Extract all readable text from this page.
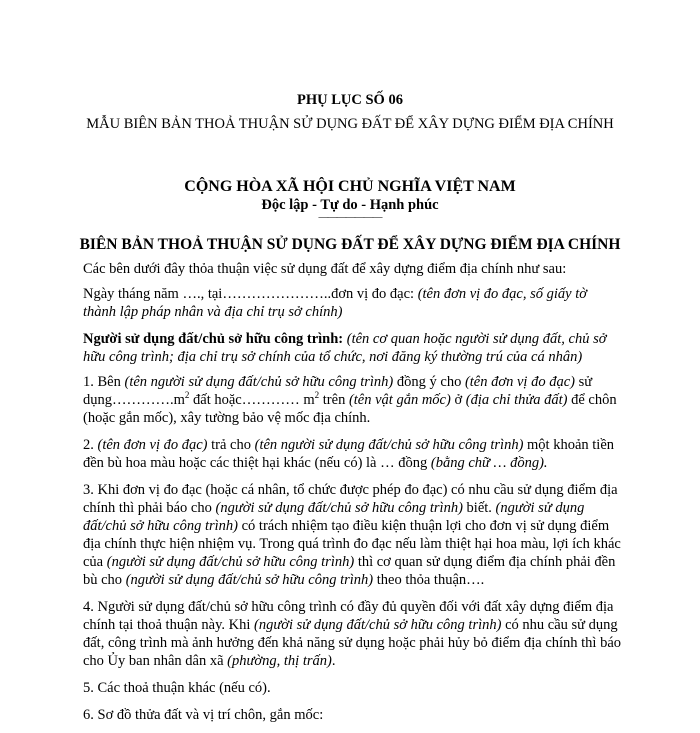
PHỤ LỤC SỐ 06
MẪU BIÊN BẢN THOẢ THUẬN SỬ DỤNG ĐẤT ĐỂ XÂY DỰNG ĐIỂM ĐỊA CHÍNH
CỘNG HÒA XÃ HỘI CHỦ NGHĨA VIỆT NAM
Độc lập - Tự do - Hạnh phúc
———————
BIÊN BẢN THOẢ THUẬN SỬ DỤNG ĐẤT ĐỂ XÂY DỰNG ĐIỂM ĐỊA CHÍNH

Các bên dưới đây thỏa thuận việc sử dụng đất để xây dựng điểm địa chính như sau:

Ngày tháng năm …., tại…………………..đơn vị đo đạc: (tên đơn vị đo đạc, số giấy tờ thành lập pháp nhân và địa chỉ trụ sở chính)

Người sử dụng đất/chủ sở hữu công trình: (tên cơ quan hoặc người sử dụng đất, chủ sở hữu công trình; địa chỉ trụ sở chính của tổ chức, nơi đăng ký thường trú của cá nhân)

1. Bên (tên người sử dụng đất/chủ sở hữu công trình) đồng ý cho (tên đơn vị đo đạc) sử $dụng\dots\dots\dots\dots.m^2$ đất hoặc………… $m^2$ trên (tên vật gắn mốc) ở (địa chỉ thửa đất) để chôn (hoặc gắn mốc), xây tường bảo vệ mốc địa chính.

2. (tên đơn vị đo đạc) trả cho (tên người sử dụng đất/chủ sở hữu công trình) một khoản tiền đền bù hoa màu hoặc các thiệt hại khác (nếu có) là … đồng (bằng chữ … đồng).

3. Khi đơn vị đo đạc (hoặc cá nhân, tổ chức được phép đo đạc) có nhu cầu sử dụng điểm địa chính thì phải báo cho (người sử dụng đất/chủ sở hữu công trình) biết. (người sử dụng đất/chủ sở hữu công trình) có trách nhiệm tạo điều kiện thuận lợi cho đơn vị sử dụng điểm địa chính thực hiện nhiệm vụ. Trong quá trình đo đạc nếu làm thiệt hại hoa màu, lợi ích khác của (người sử dụng đất/chủ sở hữu công trình) thì cơ quan sử dụng điểm địa chính phải đền bù cho (người sử dụng đất/chủ sở hữu công trình) theo thỏa thuận….

4. Người sử dụng đất/chủ sở hữu công trình có đầy đủ quyền đối với đất xây dựng điểm địa chính tại thoả thuận này. Khi (người sử dụng đất/chủ sở hữu công trình) có nhu cầu sử dụng đất, công trình mà ảnh hưởng đến khả năng sử dụng hoặc phải hủy bỏ điểm địa chính thì báo cho Ủy ban nhân dân xã (phường, thị trấn).

5. Các thoả thuận khác (nếu có).

6. Sơ đồ thửa đất và vị trí chôn, gắn mốc:
